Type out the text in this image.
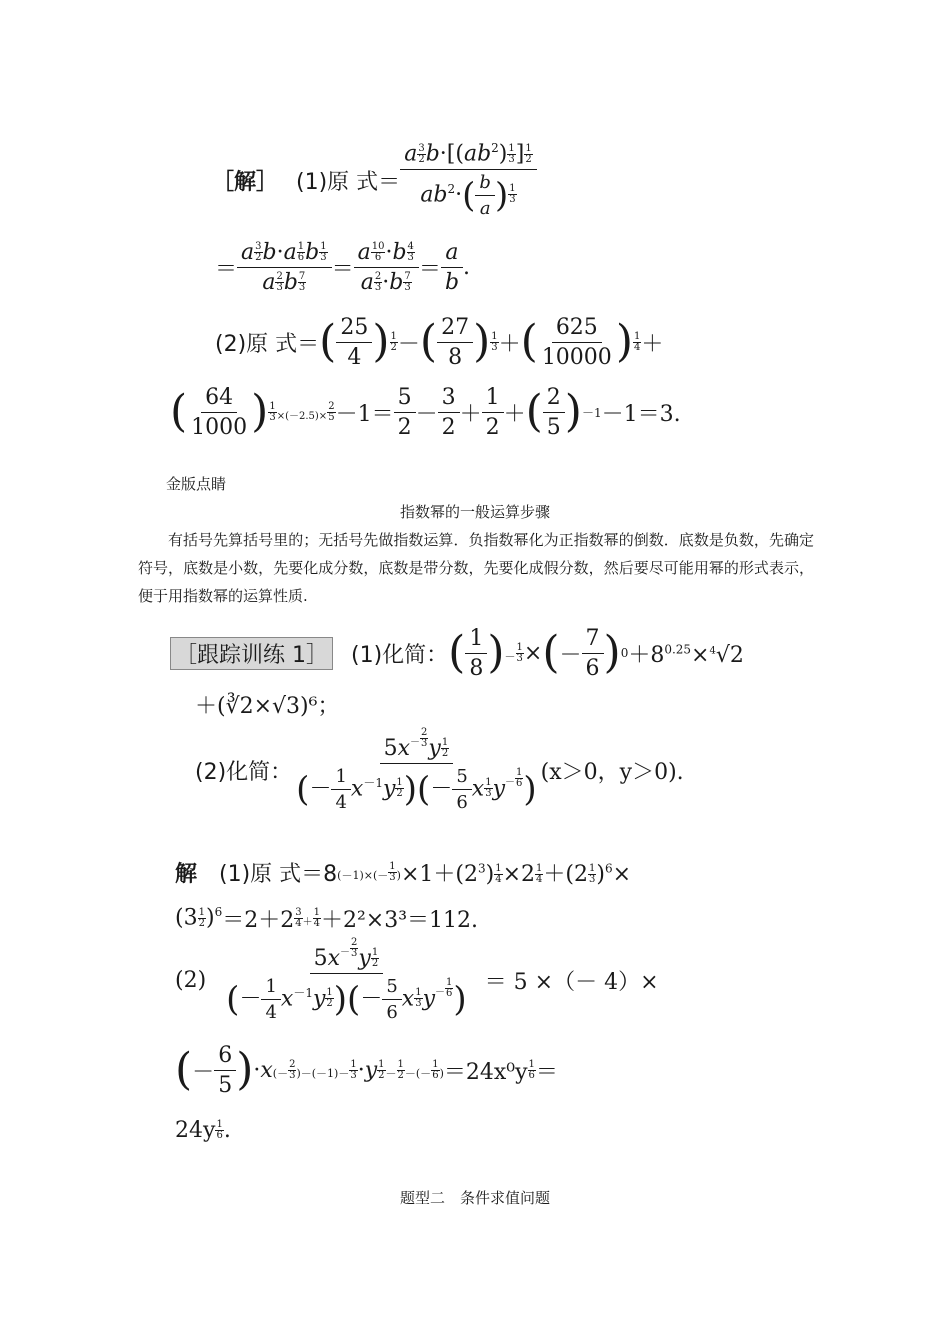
［解］ (1)原 式＝ $\frac{a \frac{3}{2} b\cdot[(ab^2) \frac{1}{3} ] \frac{1}{2}}{ab^2\cdot( \frac{b}{a} ) \frac{1}{3}}$
＝ $\frac{a \frac{3}{2} b\cdot a \frac{1}{6} b \frac{1}{3}}{a \frac{2}{3} b \frac{7}{3}} = \frac{a \frac{10}{6} \cdot b \frac{4}{3}}{a \frac{2}{3} \cdot b \frac{7}{3}} = \frac{a}{b}$ .
(2)原 式＝ ( $\frac{25}{4}$ ) 1
2 － ( $\frac{27}{8}$ ) 1
3 ＋ ( $\frac{625}{10000}$ ) 1
4 ＋
( $\frac{64}{1000}$ ) $\frac{1}{3} \times(-2.5)\times \frac{2}{5} -1= \frac{5}{2} - \frac{3}{2} + \frac{1}{2}$ ＋ ( $\frac{2}{5}$ ) －1 －1＝3.
金版点睛
指数幂的一般运算步骤
有括号先算括号里的；无括号先做指数运算．负指数幂化为正指数幂的倒数．底数是负数，先确定符号，底数是小数，先要化成分数，底数是带分数，先要化成假分数，然后要尽可能用幂的形式表示，便于用指数幂的运算性质.
［跟踪训练 1］ (1)化简： ( $\frac{1}{8}$ ) － $\frac{1}{3}$ × ( － $\frac{7}{6}$ ) $0 +8^{0.25}\times^4√2$
＋(∛2×√3)⁶；
(2)化简： $5x^{- \frac{2}{3}}$ y $\frac{1}{2}$
(－ $\frac{1}{4} x^{-1}y \frac{1}{2}$ )(－ $\frac{5}{6}$ x $\frac{1}{3} y^{- \frac{1}{6}}$ ) (x＞0，y＞0).
解 (1)原 式＝8 $(-1)\times(- \frac{1}{3}$ ) $\times 1+(2^3) \frac{1}{4} \times 2 \frac{1}{4} +(2 \frac{1}{3} )^6\times$
$(3 \frac{1}{2} )^6 =2+2 \frac{3}{4} + \frac{1}{4} +2^2\times 3^3=112$.
(2) $5x^{- \frac{2}{3}}$ y $\frac{1}{2}$
(－ $\frac{1}{4} x^{-1}y \frac{1}{2}$ )(－ $\frac{5}{6}$ x $\frac{1}{3} y^{- \frac{1}{6}}$ ) ＝ 5 ×（－ 4）×
( － $\frac{6}{5}$ ) ·x (－ $\frac{2}{3} )-(-1)- \frac{1}{3} \cdot y \frac{1}{2} - \frac{1}{2}$ －(－ $\frac{1}{6}$ ) ＝24x⁰y 1
6 ＝
24y 1
6 .
题型二　条件求值问题
